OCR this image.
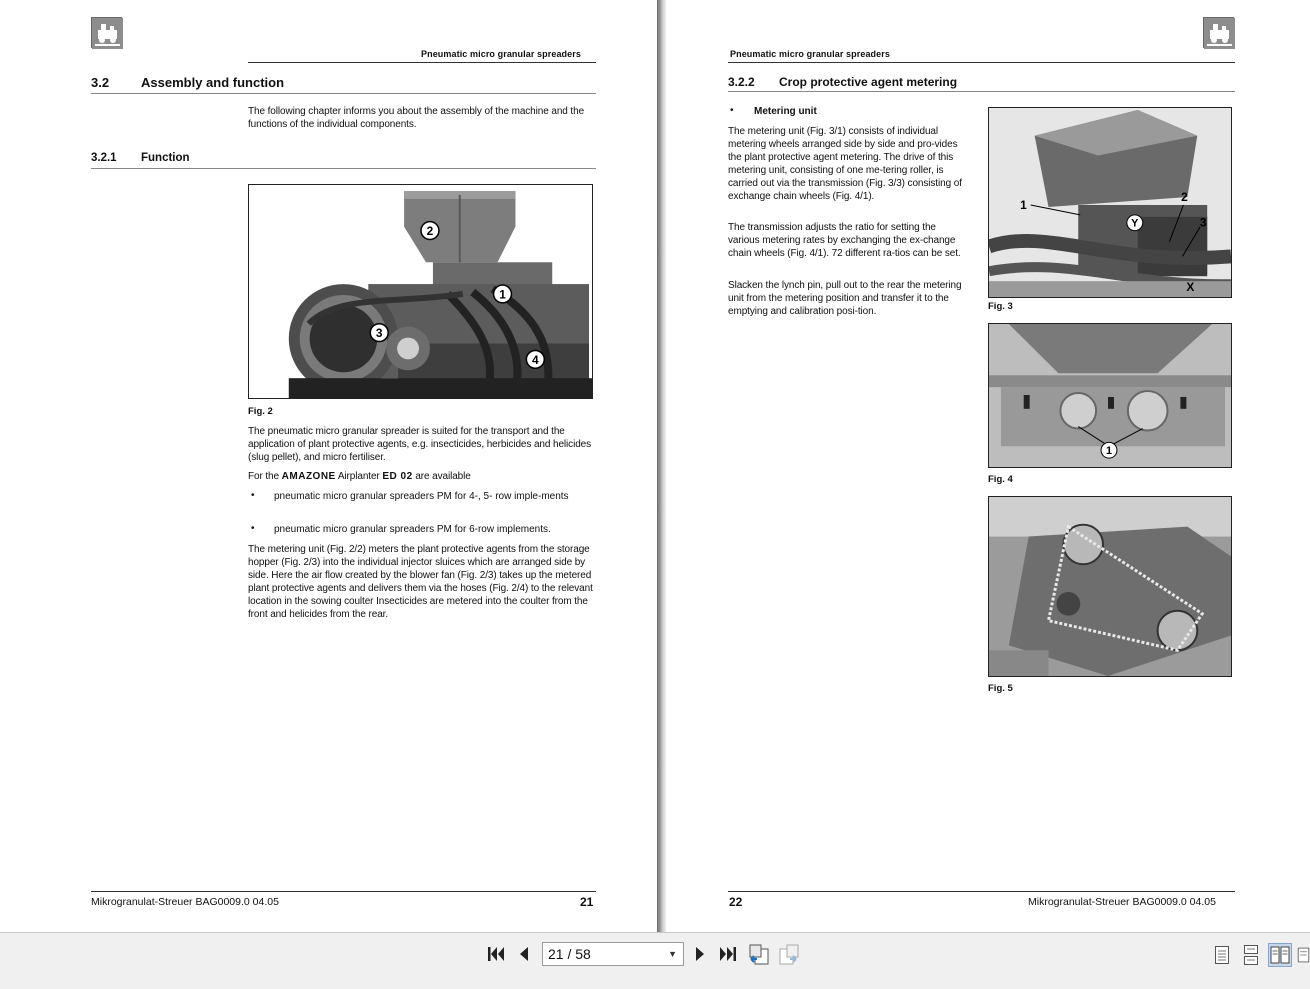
Pneumatic micro granular spreaders
3.2 Assembly and function
The following chapter informs you about the assembly of the machine and the functions of the individual components.
3.2.1 Function
2
1
3
4
Fig. 2
The pneumatic micro granular spreader is suited for the transport and the application of plant protective agents, e.g. insecticides, herbicides and helicides (slug pellet), and micro fertiliser.
For the AMAZONE Airplanter ED 02 are available
• pneumatic micro granular spreaders PM for 4-, 5- row imple-ments
• pneumatic micro granular spreaders PM for 6-row implements.
The metering unit (Fig. 2/2) meters the plant protective agents from the storage hopper (Fig. 2/3) into the individual injector sluices which are arranged side by side. Here the air flow created by the blower fan (Fig. 2/3) takes up the metered plant protective agents and delivers them via the hoses (Fig. 2/4) to the relevant location in the sowing coulter Insecticides are metered into the coulter from the front and helicides from the rear.
Mikrogranulat-Streuer BAG0009.0 04.05	21
Pneumatic micro granular spreaders
3.2.2 Crop protective agent metering
• Metering unit
The metering unit (Fig. 3/1) consists of individual metering wheels arranged side by side and pro-vides the plant protective agent metering. The drive of this metering unit, consisting of one me-tering roller, is carried out via the transmission (Fig. 3/3) consisting of exchange chain wheels (Fig. 4/1).
The transmission adjusts the ratio for setting the various metering rates by exchanging the ex-change chain wheels (Fig. 4/1). 72 different ra-tios can be set.
Slacken the lynch pin, pull out to the rear the metering unit from the metering position and transfer it to the emptying and calibration posi-tion.
1
Y
2
3
X
Fig. 3
1
Fig. 4
Fig. 5
22	Mikrogranulat-Streuer BAG0009.0 04.05
21 / 58	▼
